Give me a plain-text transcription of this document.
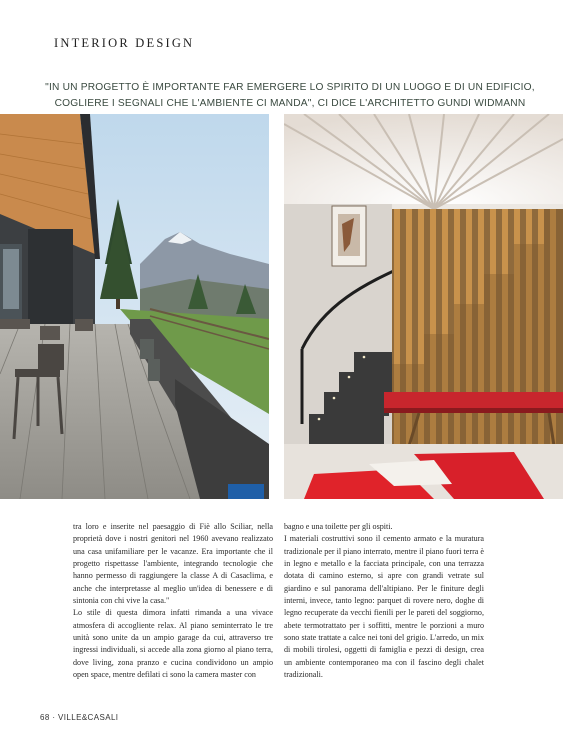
INTERIOR DESIGN
"IN UN PROGETTO È IMPORTANTE FAR EMERGERE LO SPIRITO DI UN LUOGO E DI UN EDIFICIO,
COGLIERE I SEGNALI CHE L'AMBIENTE CI MANDA", CI DICE L'ARCHITETTO GUNDI WIDMANN

tra loro e inserite nel paesaggio di Fiè allo Sciliar, nella proprietà dove i nostri genitori nel 1960 avevano realizzato una casa unifamiliare per le vacanze. Era importante che il progetto rispettasse l'ambiente, integrando tecnologie che hanno permesso di raggiungere la classe A di Casaclima, e anche che interpretasse al meglio un'idea di benessere e di sintonia con chi vive la casa."

Lo stile di questa dimora infatti rimanda a una vivace atmosfera di accogliente relax. Al piano seminterrato le tre unità sono unite da un ampio garage da cui, attraverso tre ingressi individuali, si accede alla zona giorno al piano terra, dove living, zona pranzo e cucina condividono un ampio open space, mentre defilati ci sono la camera master con

bagno e una toilette per gli ospiti.

I materiali costruttivi sono il cemento armato e la muratura tradizionale per il piano interrato, mentre il piano fuori terra è in legno e metallo e la facciata principale, con una terrazza dotata di camino esterno, si apre con grandi vetrate sul giardino e sul panorama dell'altipiano. Per le finiture degli interni, invece, tanto legno: parquet di rovere nero, doghe di legno recuperate da vecchi fienili per le pareti del soggiorno, abete termotrattato per i soffitti, mentre le porzioni a muro sono state trattate a calce nei toni del grigio. L'arredo, un mix di mobili tirolesi, oggetti di famiglia e pezzi di design, crea un ambiente contemporaneo ma con il fascino degli chalet tradizionali.

68 · VILLE&CASALI
